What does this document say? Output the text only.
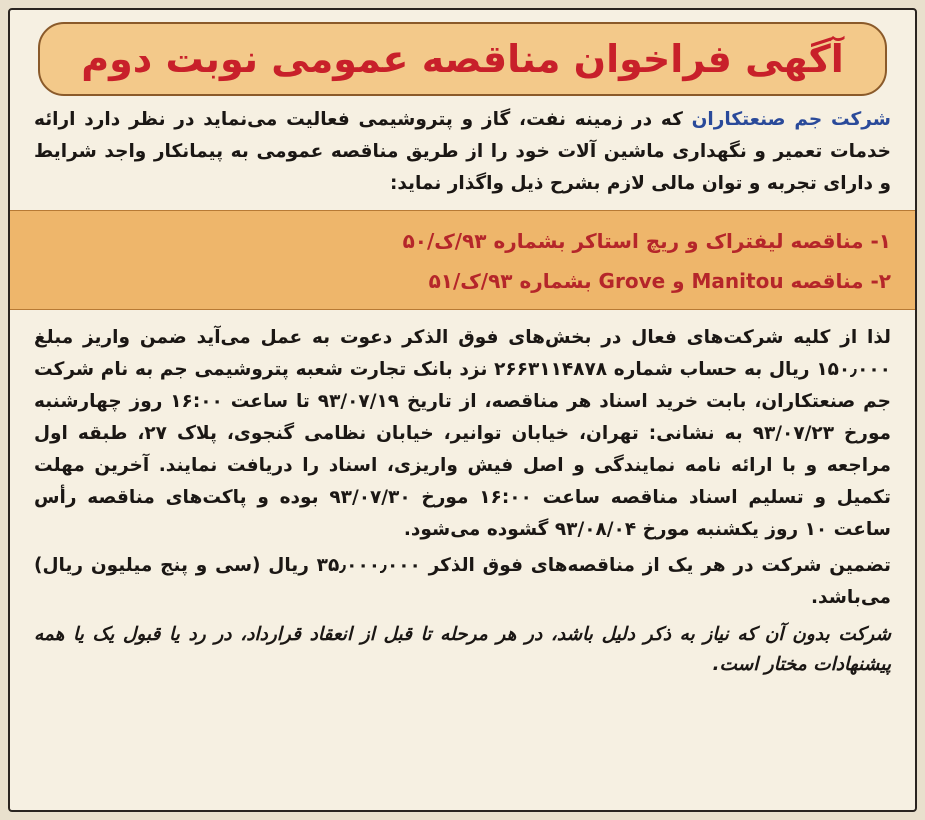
آگهی فراخوان مناقصه عمومی نوبت دوم
شرکت جم صنعتکاران که در زمینه نفت، گاز و پتروشیمی فعالیت می‌نماید در نظر دارد ارائه خدمات تعمیر و نگهداری ماشین آلات خود را از طریق مناقصه عمومی به پیمانکار واجد شرایط و دارای تجربه و توان مالی لازم بشرح ذیل واگذار نماید:
۱- مناقصه لیفتراک و ریچ استاکر بشماره ۹۳/ک/۵۰
۲- مناقصه Manitou و Grove بشماره ۹۳/ک/۵۱
لذا از کلیه شرکت‌های فعال در بخش‌های فوق الذکر دعوت به عمل می‌آید ضمن واریز مبلغ ۱۵۰٫۰۰۰ ریال به حساب شماره ۲۶۶۳۱۱۴۸۷۸ نزد بانک تجارت شعبه پتروشیمی جم به نام شرکت جم صنعتکاران، بابت خرید اسناد هر مناقصه، از تاریخ ۹۳/۰۷/۱۹ تا ساعت ۱۶:۰۰ روز چهارشنبه مورخ ۹۳/۰۷/۲۳ به نشانی: تهران، خیابان توانیر، خیابان نظامی گنجوی، پلاک ۲۷، طبقه اول مراجعه و با ارائه نامه نمایندگی و اصل فیش واریزی، اسناد را دریافت نمایند. آخرین مهلت تکمیل و تسلیم اسناد مناقصه ساعت ۱۶:۰۰ مورخ ۹۳/۰۷/۳۰ بوده و پاکت‌های مناقصه رأس ساعت ۱۰ روز یکشنبه مورخ ۹۳/۰۸/۰۴ گشوده می‌شود.
تضمین شرکت در هر یک از مناقصه‌های فوق الذکر ۳۵٫۰۰۰٫۰۰۰ ریال (سی و پنج میلیون ریال) می‌باشد.
شرکت بدون آن که نیاز به ذکر دلیل باشد، در هر مرحله تا قبل از انعقاد قرارداد، در رد یا قبول یک یا همه پیشنهادات مختار است.
